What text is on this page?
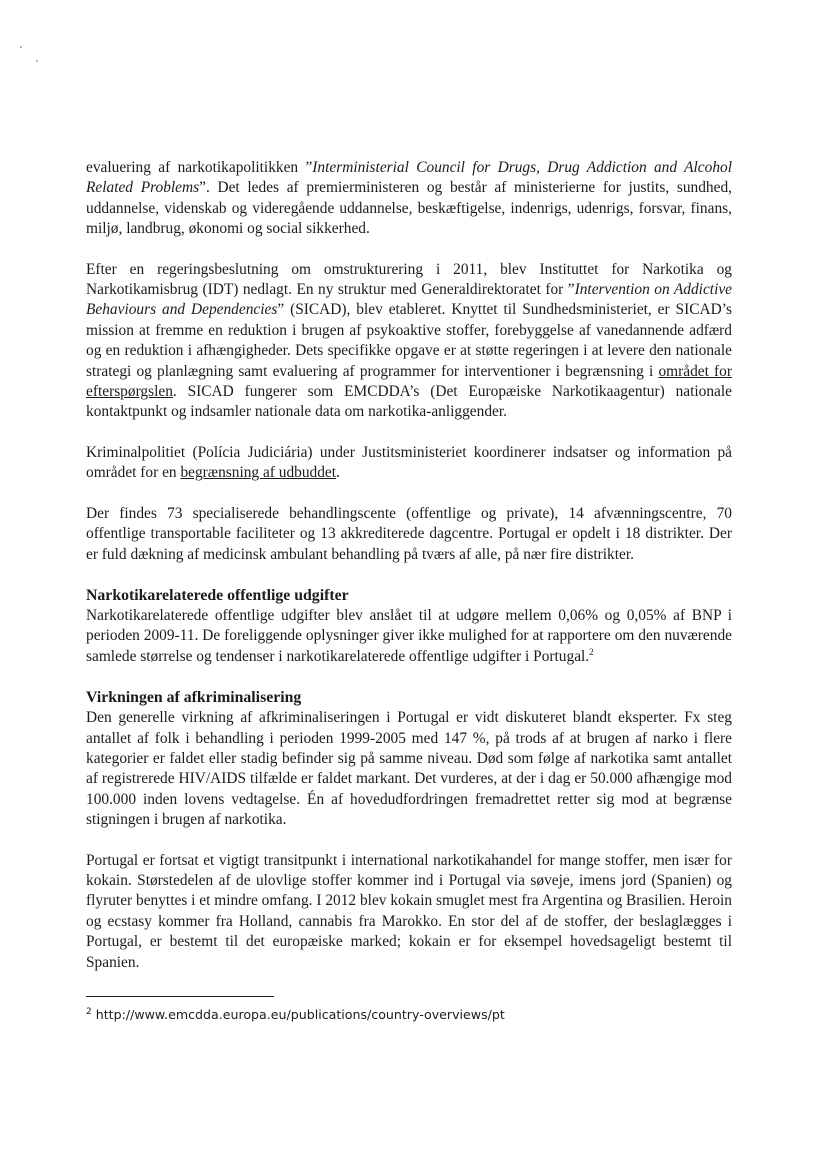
evaluering af narkotikapolitikken ”Interministerial Council for Drugs, Drug Addiction and Alcohol Related Problems”. Det ledes af premierministeren og består af ministerierne for justits, sundhed, uddannelse, videnskab og videregående uddannelse, beskæftigelse, indenrigs, udenrigs, forsvar, finans, miljø, landbrug, økonomi og social sikkerhed.

Efter en regeringsbeslutning om omstrukturering i 2011, blev Instituttet for Narkotika og Narkotikamisbrug (IDT) nedlagt. En ny struktur med Generaldirektoratet for ”Intervention on Addictive Behaviours and Dependencies” (SICAD), blev etableret. Knyttet til Sundhedsministeriet, er SICAD’s mission at fremme en reduktion i brugen af psykoaktive stoffer, forebyggelse af vanedannende adfærd og en reduktion i afhængigheder. Dets specifikke opgave er at støtte regeringen i at levere den nationale strategi og planlægning samt evaluering af programmer for interventioner i begrænsning i området for efterspørgslen. SICAD fungerer som EMCDDA’s (Det Europæiske Narkotikaagentur) nationale kontaktpunkt og indsamler nationale data om narkotika-anliggender.

Kriminalpolitiet (Polícia Judiciária) under Justitsministeriet koordinerer indsatser og information på området for en begrænsning af udbuddet.

Der findes 73 specialiserede behandlingscente (offentlige og private), 14 afvænningscentre, 70 offentlige transportable faciliteter og 13 akkrediterede dagcentre. Portugal er opdelt i 18 distrikter. Der er fuld dækning af medicinsk ambulant behandling på tværs af alle, på nær fire distrikter.

Narkotikarelaterede offentlige udgifter

Narkotikarelaterede offentlige udgifter blev anslået til at udgøre mellem 0,06% og 0,05% af BNP i perioden 2009-11. De foreliggende oplysninger giver ikke mulighed for at rapportere om den nuværende samlede størrelse og tendenser i narkotikarelaterede offentlige udgifter i Portugal.$^2$

Virkningen af afkriminalisering

Den generelle virkning af afkriminaliseringen i Portugal er vidt diskuteret blandt eksperter. Fx steg antallet af folk i behandling i perioden 1999-2005 med 147 %, på trods af at brugen af narko i flere kategorier er faldet eller stadig befinder sig på samme niveau. Død som følge af narkotika samt antallet af registrerede HIV/AIDS tilfælde er faldet markant. Det vurderes, at der i dag er 50.000 afhængige mod 100.000 inden lovens vedtagelse. Én af hovedudfordringen fremadrettet retter sig mod at begrænse stigningen i brugen af narkotika.

Portugal er fortsat et vigtigt transitpunkt i international narkotikahandel for mange stoffer, men især for kokain. Størstedelen af de ulovlige stoffer kommer ind i Portugal via søveje, imens jord (Spanien) og flyruter benyttes i et mindre omfang. I 2012 blev kokain smuglet mest fra Argentina og Brasilien. Heroin og ecstasy kommer fra Holland, cannabis fra Marokko. En stor del af de stoffer, der beslaglægges i Portugal, er bestemt til det europæiske marked; kokain er for eksempel hovedsageligt bestemt til Spanien.

$^2$ http://www.emcdda.europa.eu/publications/country-overviews/pt
